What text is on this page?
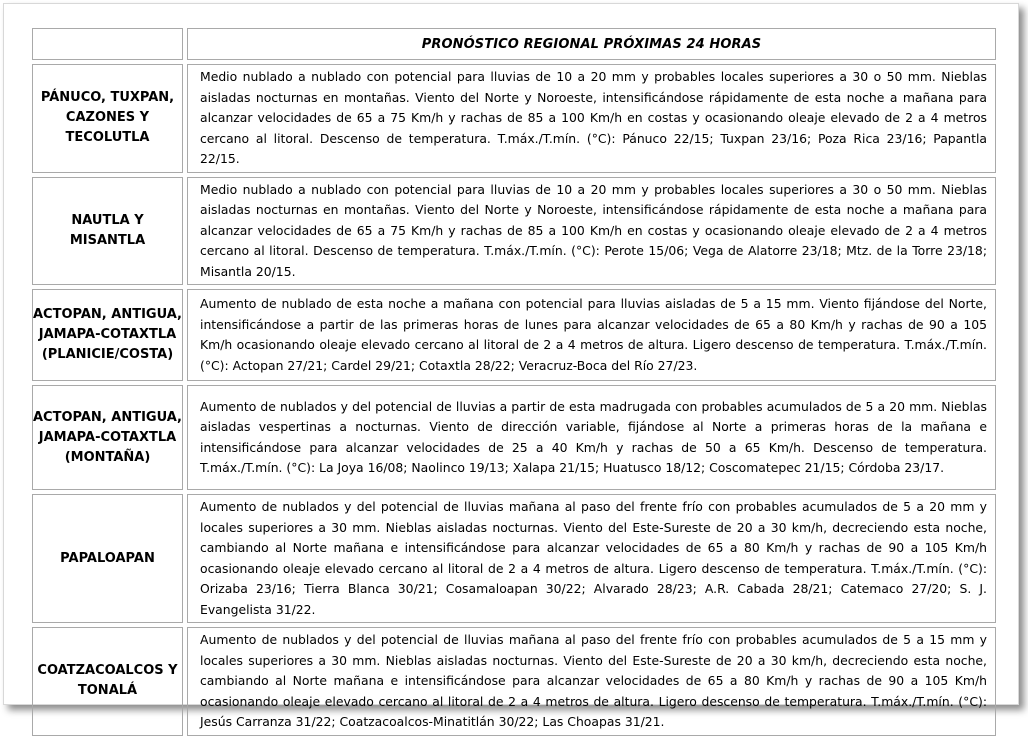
	PRONÓSTICO REGIONAL PRÓXIMAS 24 HORAS
PÁNUCO, TUXPAN, CAZONES Y TECOLUTLA	Medio nublado a nublado con potencial para lluvias de 10 a 20 mm y probables locales superiores a 30 o 50 mm. Nieblas aisladas nocturnas en montañas. Viento del Norte y Noroeste, intensificándose rápidamente de esta noche a mañana para alcanzar velocidades de 65 a 75 Km/h y rachas de 85 a 100 Km/h en costas y ocasionando oleaje elevado de 2 a 4 metros cercano al litoral. Descenso de temperatura. T.máx./T.mín. (°C): Pánuco 22/15; Tuxpan 23/16; Poza Rica 23/16; Papantla 22/15.
NAUTLA Y MISANTLA	Medio nublado a nublado con potencial para lluvias de 10 a 20 mm y probables locales superiores a 30 o 50 mm. Nieblas aisladas nocturnas en montañas. Viento del Norte y Noroeste, intensificándose rápidamente de esta noche a mañana para alcanzar velocidades de 65 a 75 Km/h y rachas de 85 a 100 Km/h en costas y ocasionando oleaje elevado de 2 a 4 metros cercano al litoral. Descenso de temperatura. T.máx./T.mín. (°C): Perote 15/06; Vega de Alatorre 23/18; Mtz. de la Torre 23/18; Misantla 20/15.
ACTOPAN, ANTIGUA, JAMAPA-COTAXTLA (PLANICIE/COSTA)	Aumento de nublado de esta noche a mañana con potencial para lluvias aisladas de 5 a 15 mm. Viento fijándose del Norte, intensificándose a partir de las primeras horas de lunes para alcanzar velocidades de 65 a 80 Km/h y rachas de 90 a 105 Km/h ocasionando oleaje elevado cercano al litoral de 2 a 4 metros de altura. Ligero descenso de temperatura. T.máx./T.mín. (°C): Actopan 27/21; Cardel 29/21; Cotaxtla 28/22; Veracruz-Boca del Río 27/23.
ACTOPAN, ANTIGUA, JAMAPA-COTAXTLA (MONTAÑA)	Aumento de nublados y del potencial de lluvias a partir de esta madrugada con probables acumulados de 5 a 20 mm. Nieblas aisladas vespertinas a nocturnas. Viento de dirección variable, fijándose al Norte a primeras horas de la mañana e intensificándose para alcanzar velocidades de 25 a 40 Km/h y rachas de 50 a 65 Km/h. Descenso de temperatura. T.máx./T.mín. (°C): La Joya 16/08; Naolinco 19/13; Xalapa 21/15; Huatusco 18/12; Coscomatepec 21/15; Córdoba 23/17.
PAPALOAPAN	Aumento de nublados y del potencial de lluvias mañana al paso del frente frío con probables acumulados de 5 a 20 mm y locales superiores a 30 mm. Nieblas aisladas nocturnas. Viento del Este-Sureste de 20 a 30 km/h, decreciendo esta noche, cambiando al Norte mañana e intensificándose para alcanzar velocidades de 65 a 80 Km/h y rachas de 90 a 105 Km/h ocasionando oleaje elevado cercano al litoral de 2 a 4 metros de altura. Ligero descenso de temperatura. T.máx./T.mín. (°C): Orizaba 23/16; Tierra Blanca 30/21; Cosamaloapan 30/22; Alvarado 28/23; A.R. Cabada 28/21; Catemaco 27/20; S. J. Evangelista 31/22.
COATZACOALCOS Y TONALÁ	Aumento de nublados y del potencial de lluvias mañana al paso del frente frío con probables acumulados de 5 a 15 mm y locales superiores a 30 mm. Nieblas aisladas nocturnas. Viento del Este-Sureste de 20 a 30 km/h, decreciendo esta noche, cambiando al Norte mañana e intensificándose para alcanzar velocidades de 65 a 80 Km/h y rachas de 90 a 105 Km/h ocasionando oleaje elevado cercano al litoral de 2 a 4 metros de altura. Ligero descenso de temperatura. T.máx./T.mín. (°C): Jesús Carranza 31/22; Coatzacoalcos-Minatitlán 30/22; Las Choapas 31/21.
